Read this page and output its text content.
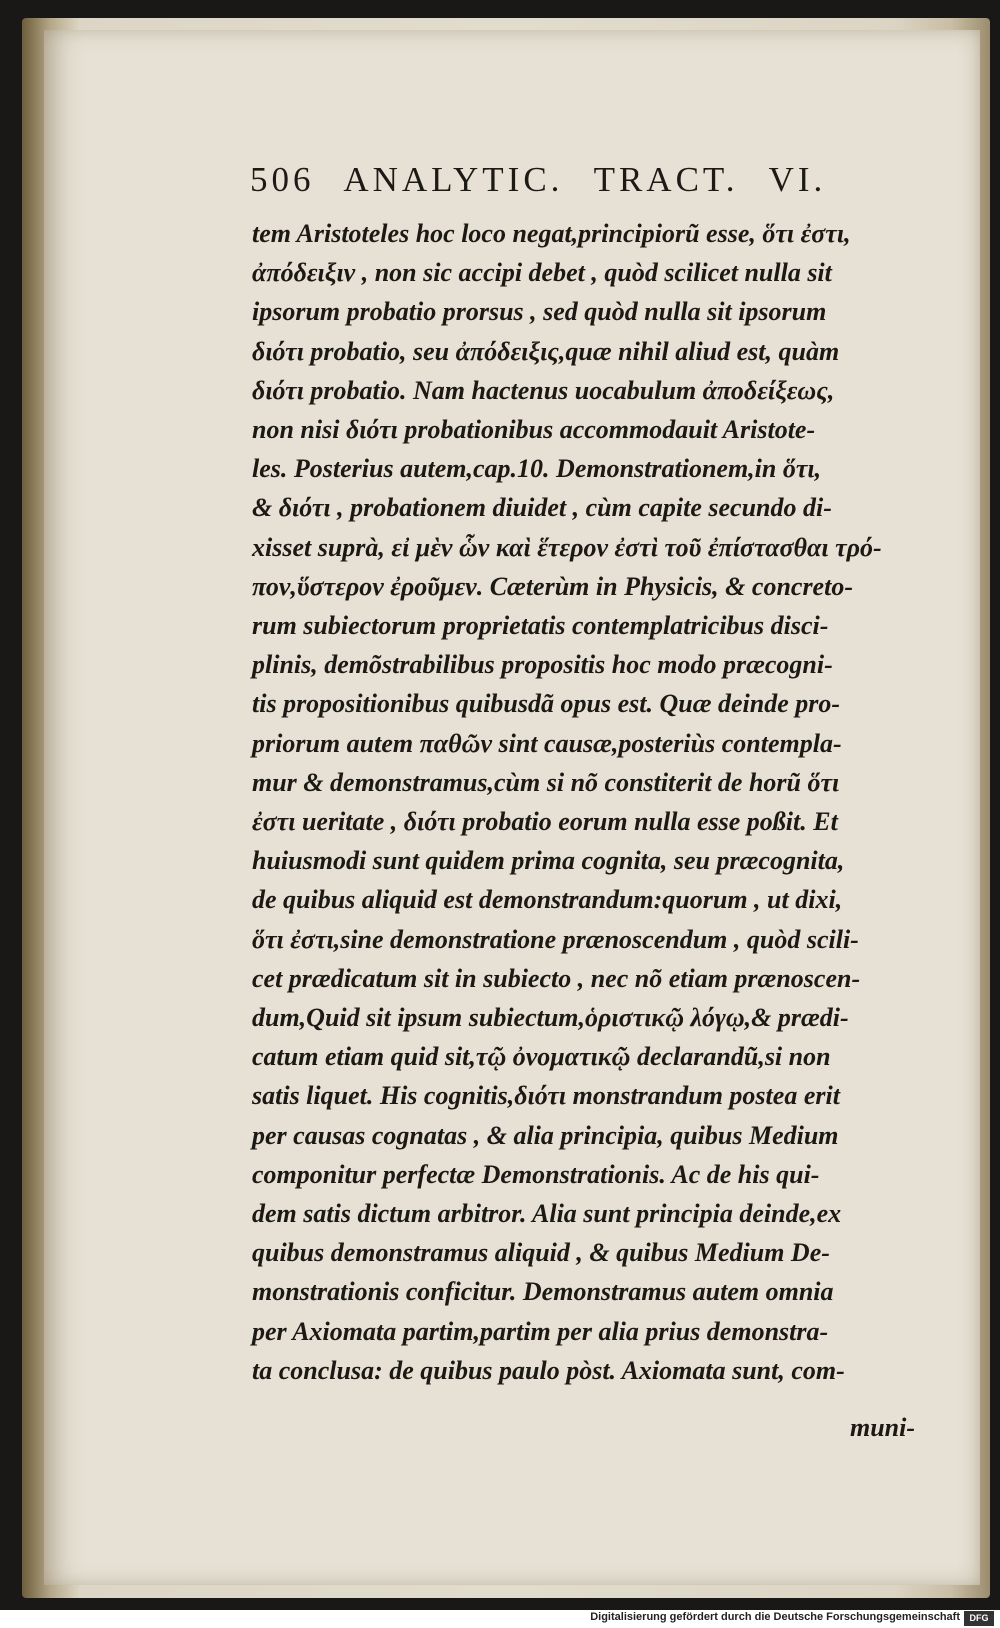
506 ANALYTIC. TRACT. VI.
tem Aristoteles hoc loco negat,principiorũ esse, ὅτι ἐστι,
ἀπόδειξιν , non sic accipi debet , quòd scilicet nulla sit
ipsorum probatio prorsus , sed quòd nulla sit ipsorum
διότι probatio, seu ἀπόδειξις,quæ nihil aliud est, quàm
διότι probatio. Nam hactenus uocabulum ἀποδείξεως,
non nisi διότι probationibus accommodauit Aristote-
les. Posterius autem,cap.10. Demonstrationem,in ὅτι,
& διότι , probationem diuidet , cùm capite secundo di-
xisset suprà, εἰ μὲν ὧν καὶ ἕτερον ἐστὶ τοῦ ἐπίστασθαι τρό-
πον,ὕστερον ἐροῦμεν. Cæterùm in Physicis, & concreto-
rum subiectorum proprietatis contemplatricibus disci-
plinis, demõstrabilibus propositis hoc modo præcogni-
tis propositionibus quibusdã opus est. Quæ deinde pro-
priorum autem παθῶν sint causæ,posteriùs contempla-
mur & demonstramus,cùm si nõ constiterit de horũ ὅτι
ἐστι ueritate , διότι probatio eorum nulla esse poßit. Et
huiusmodi sunt quidem prima cognita, seu præcognita,
de quibus aliquid est demonstrandum:quorum , ut dixi,
ὅτι ἐστι,sine demonstratione prænoscendum , quòd scili-
cet prædicatum sit in subiecto , nec nõ etiam prænoscen-
dum,Quid sit ipsum subiectum,ὁριστικῷ λόγῳ,& prædi-
catum etiam quid sit,τῷ ὀνοματικῷ declarandũ,si non
satis liquet. His cognitis,διότι monstrandum postea erit
per causas cognatas , & alia principia, quibus Medium
componitur perfectæ Demonstrationis. Ac de his qui-
dem satis dictum arbitror. Alia sunt principia deinde,ex
quibus demonstramus aliquid , & quibus Medium De-
monstrationis conficitur. Demonstramus autem omnia
per Axiomata partim,partim per alia prius demonstra-
ta conclusa: de quibus paulo pòst. Axiomata sunt, com-
muni-
Digitalisierung gefördert durch die Deutsche Forschungsgemeinschaft	DFG
